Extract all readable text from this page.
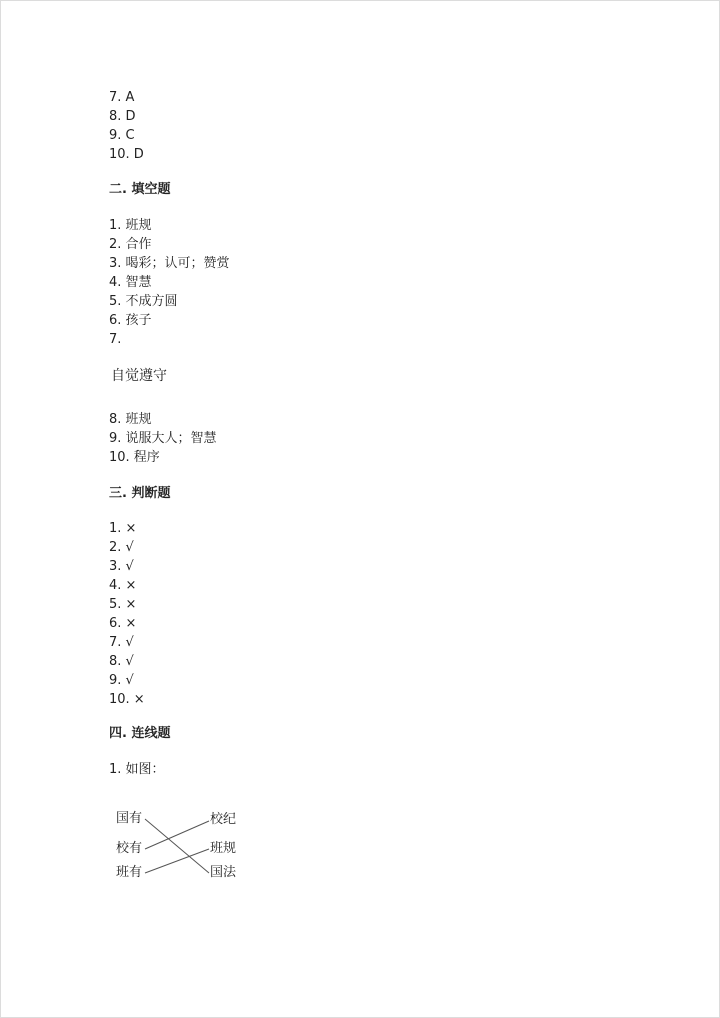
7. A
8. D
9. C
10. D
二. 填空题
1. 班规
2. 合作
3. 喝彩；认可；赞赏
4. 智慧
5. 不成方圆
6. 孩子
7.
自觉遵守
8. 班规
9. 说服大人；智慧
10. 程序
三. 判断题
1. ×
2. √
3. √
4. ×
5. ×
6. ×
7. √
8. √
9. √
10. ×
四. 连线题
1. 如图：
国有
校有
班有
校纪
班规
国法
